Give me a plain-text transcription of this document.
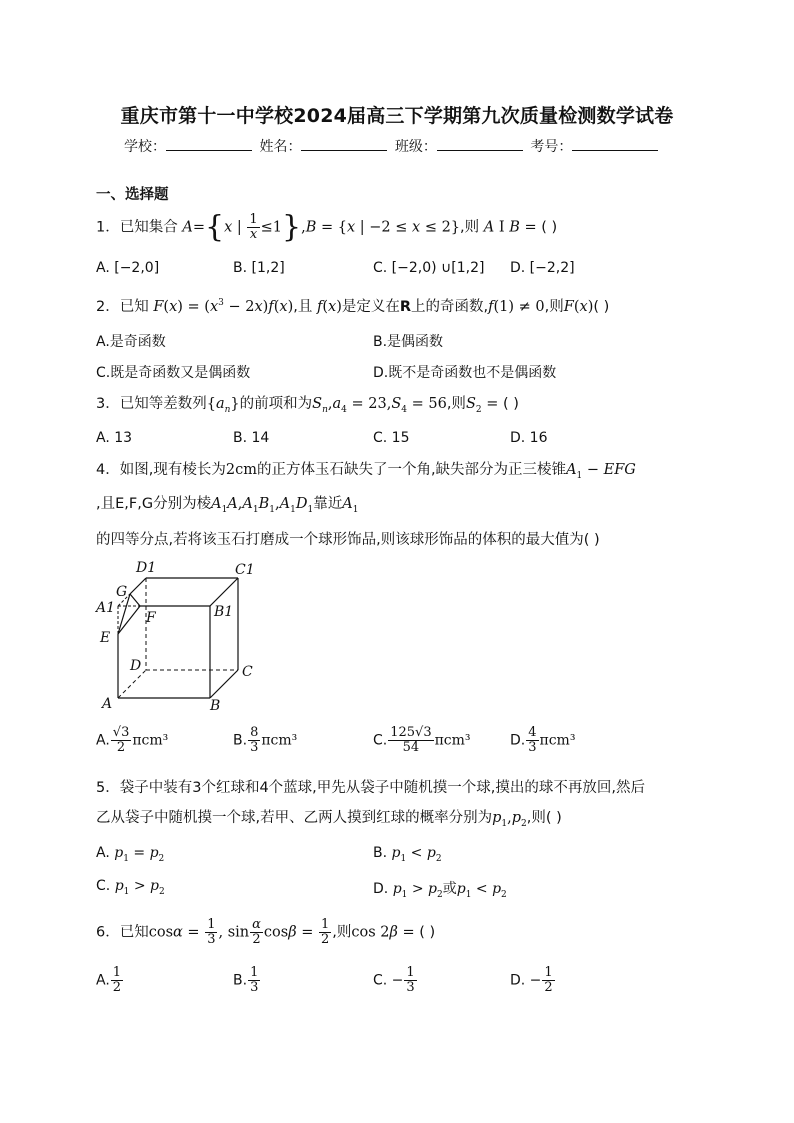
重庆市第十一中学校2024届高三下学期第九次质量检测数学试卷
学校：	姓名：	班级：	考号：
一、选择题
1．已知集合 A={x | $\frac{1}{x} \le 1\},B = \{x$ | −2 ≤ x ≤ 2},则 A I B = ( )
A. [−2,0]	B. [1,2]	C. [−2,0) ∪[1,2] D. [−2,2]
2．已知 $F(x) = (x^3 - 2x)f(x)$,且 f(x)是定义在R上的奇函数,f(1) ≠ 0,则F(x)( )
A.是奇函数	B.是偶函数
C.既是奇函数又是偶函数	D.既不是奇函数也不是偶函数
3．已知等差数列$\{a_n\}$的前项和为$S_n,a_4 = 23,S_4 = 56$,则$S_2$ = ( )
A. 13	B. 14	C. 15	D. 16
4．如图,现有棱长为2cm的正方体玉石缺失了一个角,缺失部分为正三棱锥$A_1$ − EFG
,且E,F,G分别为棱$A_1A,A_1B_1,A_1D_1$靠近$A_1$
的四等分点,若将该玉石打磨成一个球形饰品,则该球形饰品的体积的最大值为( )
D1	C1
G
A1	B1
F
E
D	C
A	B
A. $\frac{√3}{2} \pi cm^3$	B. $\frac{8}{3} \pi cm^3$	C. $\frac{125√3}{54} \pi cm^3$	D. $\frac{4}{3} \pi cm^3$
5．袋子中装有3个红球和4个蓝球,甲先从袋子中随机摸一个球,摸出的球不再放回,然后
乙从袋子中随机摸一个球,若甲、乙两人摸到红球的概率分别为$p_1,p_2$,则( )
A. $p_1 = p_2$	B. $p_1 < p_2$
C. $p_1 > p_2$	D. $p_1 > p_2$或$p_1 < p_2$
6．已知$\cos\alpha = \frac{1}{3}$ , $\sin \frac{\alpha}{2}$ $\cos\beta = \frac{1}{2}$ ,则cos 2β = ( )
A. $\frac{1}{2}$	B. $\frac{1}{3}$	C. − $\frac{1}{3}$	D. − $\frac{1}{2}$
